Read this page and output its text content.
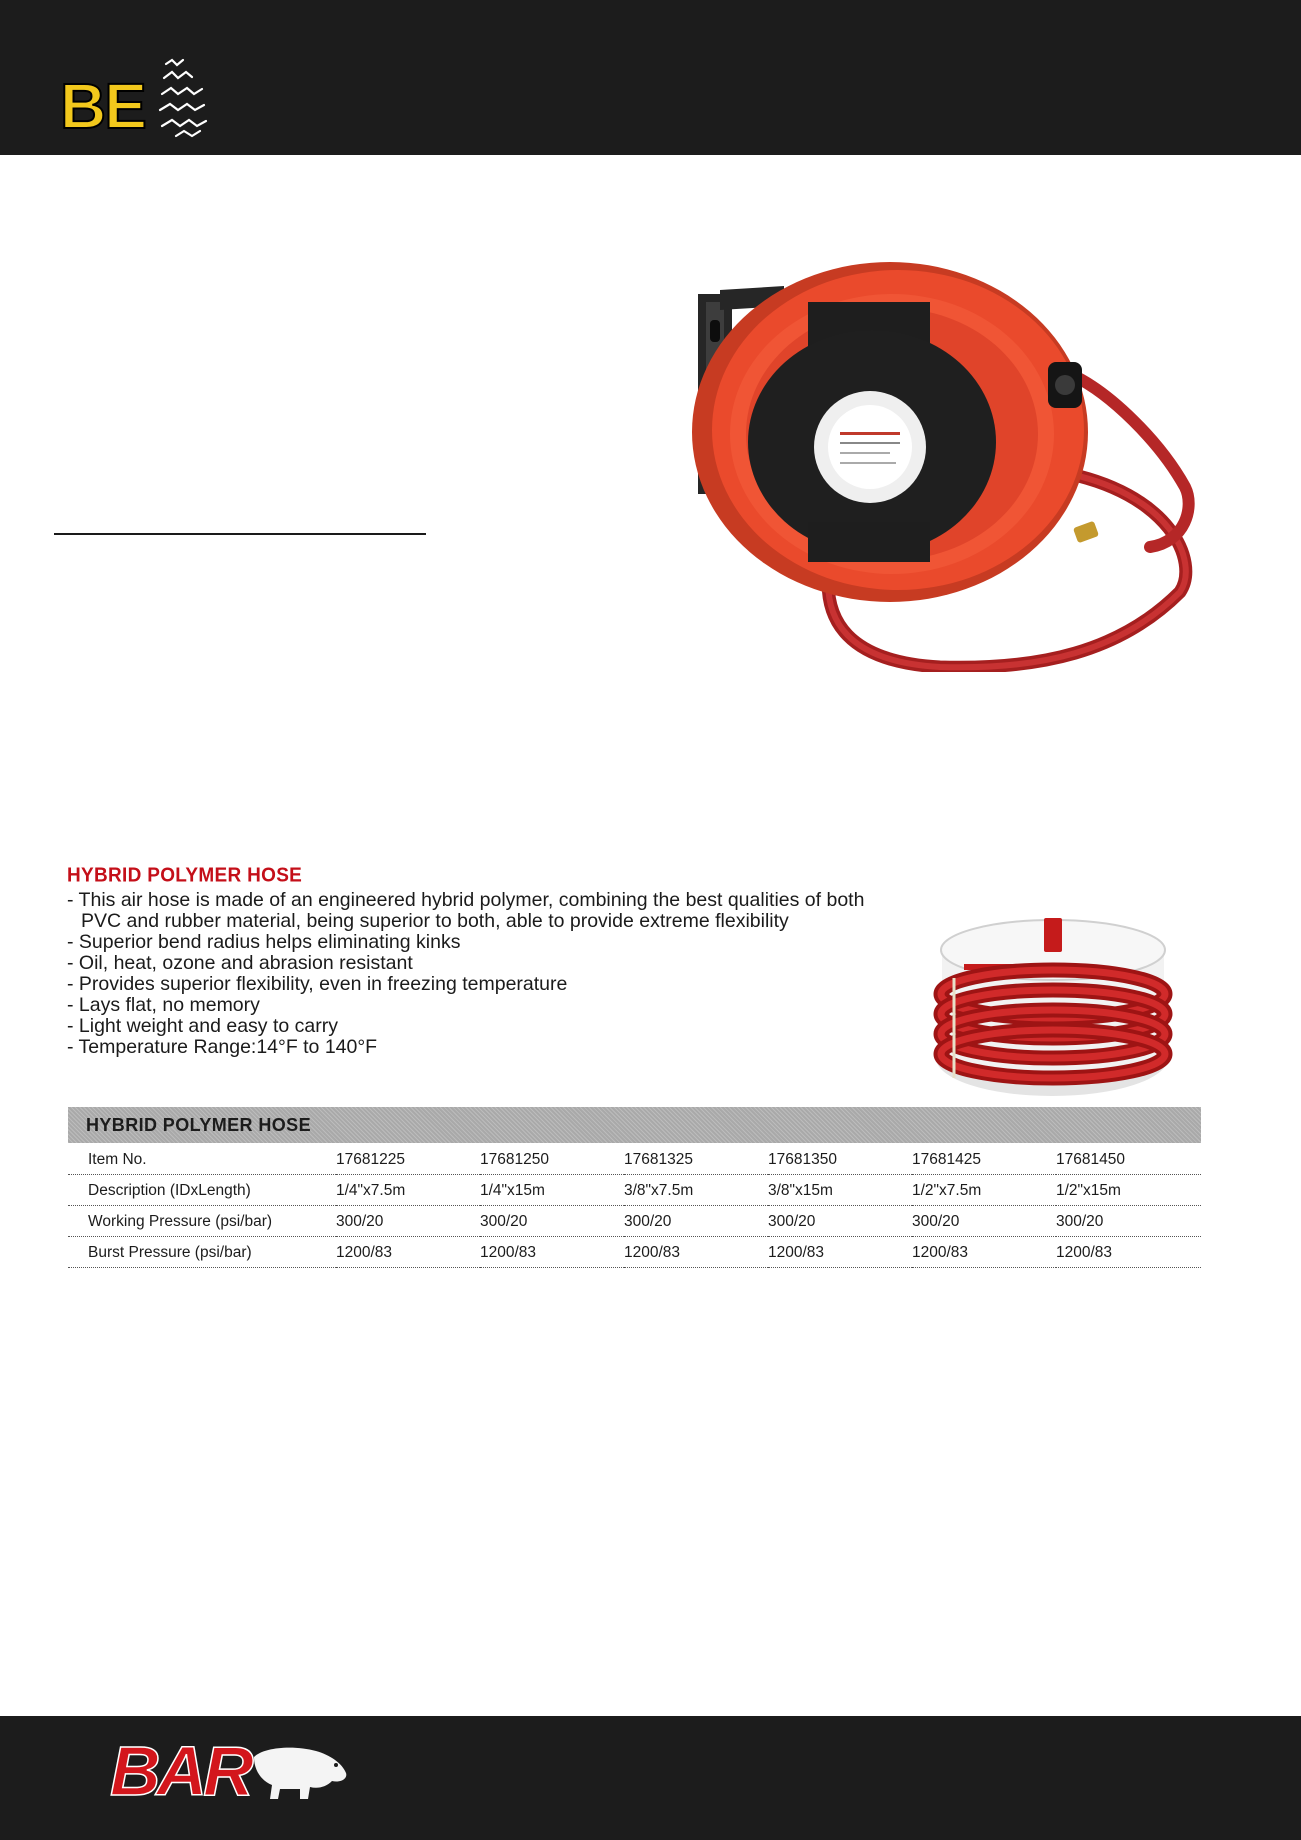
BE
HYBRID POLYMER HOSE
- This air hose is made of an engineered hybrid polymer, combining the best qualities of both
PVC and rubber material, being superior to both, able to provide extreme flexibility
- Superior bend radius helps eliminating kinks
- Oil, heat, ozone and abrasion resistant
- Provides superior flexibility, even in freezing temperature
- Lays flat, no memory
- Light weight and easy to carry
- Temperature Range:14°F to 140°F
HYBRID POLYMER HOSE
Item No.	17681225	17681250	17681325	17681350	17681425	17681450
Description (IDxLength)	1/4"x7.5m	1/4"x15m	3/8"x7.5m	3/8"x15m	1/2"x7.5m	1/2"x15m
Working Pressure (psi/bar)	300/20	300/20	300/20	300/20	300/20	300/20
Burst Pressure (psi/bar)	1200/83	1200/83	1200/83	1200/83	1200/83	1200/83
BAR
